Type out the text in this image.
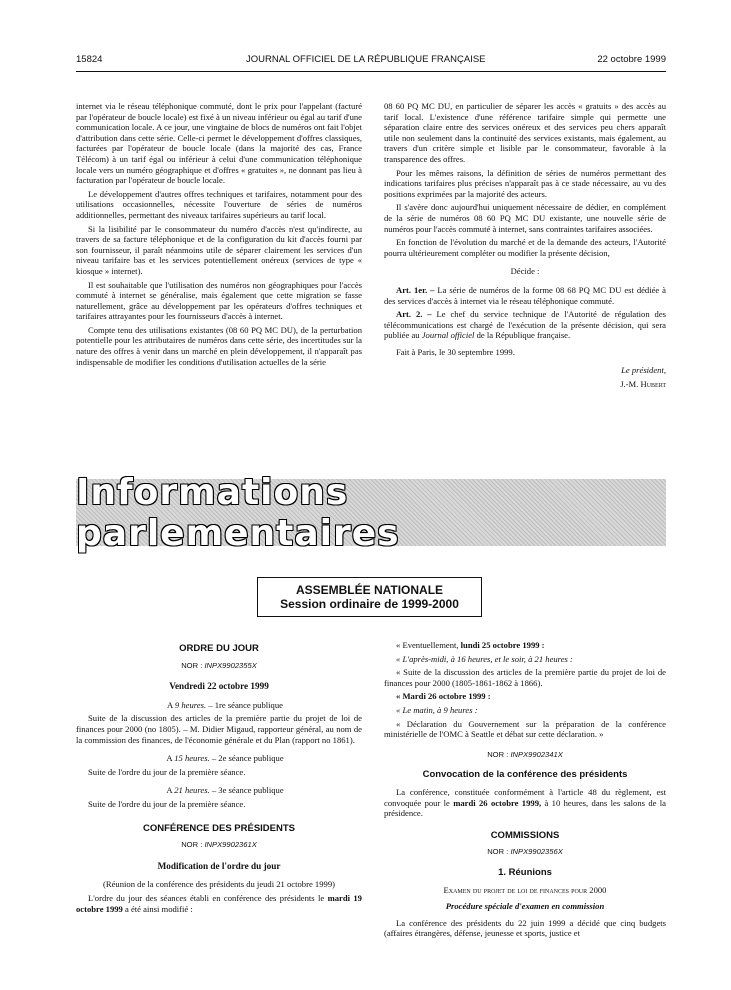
15824	JOURNAL OFFICIEL DE LA RÉPUBLIQUE FRANÇAISE	22 octobre 1999

internet via le réseau téléphonique commuté, dont le prix pour l'appelant (facturé par l'opérateur de boucle locale) est fixé à un niveau inférieur ou égal au tarif d'une communication locale. A ce jour, une vingtaine de blocs de numéros ont fait l'objet d'attribution dans cette série. Celle-ci permet le développement d'offres classiques, facturées par l'opérateur de boucle locale (dans la majorité des cas, France Télécom) à un tarif égal ou inférieur à celui d'une communication téléphonique locale vers un numéro géographique et d'offres « gratuites », ne donnant pas lieu à facturation par l'opérateur de boucle locale.

Le développement d'autres offres techniques et tarifaires, notamment pour des utilisations occasionnelles, nécessite l'ouverture de séries de numéros additionnelles, permettant des niveaux tarifaires supérieurs au tarif local.

Si la lisibilité par le consommateur du numéro d'accès n'est qu'indirecte, au travers de sa facture téléphonique et de la configuration du kit d'accès fourni par son fournisseur, il paraît néanmoins utile de séparer clairement les services d'un niveau tarifaire bas et les services potentiellement onéreux (services de type « kiosque » internet).

Il est souhaitable que l'utilisation des numéros non géographiques pour l'accès commuté à internet se généralise, mais également que cette migration se fasse naturellement, grâce au développement par les opérateurs d'offres techniques et tarifaires attrayantes pour les fournisseurs d'accès à internet.

Compte tenu des utilisations existantes (08 60 PQ MC DU), de la perturbation potentielle pour les attributaires de numéros dans cette série, des incertitudes sur la nature des offres à venir dans un marché en plein développement, il n'apparaît pas indispensable de modifier les conditions d'utilisation actuelles de la série

08 60 PQ MC DU, en particulier de séparer les accès « gratuits » des accès au tarif local. L'existence d'une référence tarifaire simple qui permette une séparation claire entre des services onéreux et des services peu chers apparaît utile non seulement dans la continuité des services existants, mais également, au travers d'un critère simple et lisible par le consommateur, favorable à la transparence des offres.

Pour les mêmes raisons, la définition de séries de numéros permettant des indications tarifaires plus précises n'apparaît pas à ce stade nécessaire, au vu des positions exprimées par la majorité des acteurs.

Il s'avère donc aujourd'hui uniquement nécessaire de dédier, en complément de la série de numéros 08 60 PQ MC DU existante, une nouvelle série de numéros pour l'accès commuté à internet, sans contraintes tarifaires associées.

En fonction de l'évolution du marché et de la demande des acteurs, l'Autorité pourra ultérieurement compléter ou modifier la présente décision,

Décide :

Art. 1er. – La série de numéros de la forme 08 68 PQ MC DU est dédiée à des services d'accès à internet via le réseau téléphonique commuté.

Art. 2. – Le chef du service technique de l'Autorité de régulation des télécommunications est chargé de l'exécution de la présente décision, qui sera publiée au Journal officiel de la République française.

Fait à Paris, le 30 septembre 1999.

Le président,

J.-M. Hubert

Informations parlementaires
ASSEMBLÉE NATIONALE
Session ordinaire de 1999-2000
ORDRE DU JOUR
NOR : INPX9902355X
Vendredi 22 octobre 1999

A 9 heures. – 1re séance publique

Suite de la discussion des articles de la première partie du projet de loi de finances pour 2000 (no 1805). – M. Didier Migaud, rapporteur général, au nom de la commission des finances, de l'économie générale et du Plan (rapport no 1861).

A 15 heures. – 2e séance publique

Suite de l'ordre du jour de la première séance.

A 21 heures. – 3e séance publique

Suite de l'ordre du jour de la première séance.

CONFÉRENCE DES PRÉSIDENTS
NOR : INPX9902361X
Modification de l'ordre du jour

(Réunion de la conférence des présidents du jeudi 21 octobre 1999)

L'ordre du jour des séances établi en conférence des présidents le mardi 19 octobre 1999 a été ainsi modifié :

« Eventuellement, lundi 25 octobre 1999 :

« L'après-midi, à 16 heures, et le soir, à 21 heures :

« Suite de la discussion des articles de la première partie du projet de loi de finances pour 2000 (1805-1861-1862 à 1866).

« Mardi 26 octobre 1999 :

« Le matin, à 9 heures :

« Déclaration du Gouvernement sur la préparation de la conférence ministérielle de l'OMC à Seattle et débat sur cette déclaration. »

NOR : INPX9902341X
Convocation de la conférence des présidents

La conférence, constituée conformément à l'article 48 du règlement, est convoquée pour le mardi 26 octobre 1999, à 10 heures, dans les salons de la présidence.

COMMISSIONS
NOR : INPX9902356X
1. Réunions

Examen du projet de loi de finances pour 2000

Procédure spéciale d'examen en commission

La conférence des présidents du 22 juin 1999 a décidé que cinq budgets (affaires étrangères, défense, jeunesse et sports, justice et
